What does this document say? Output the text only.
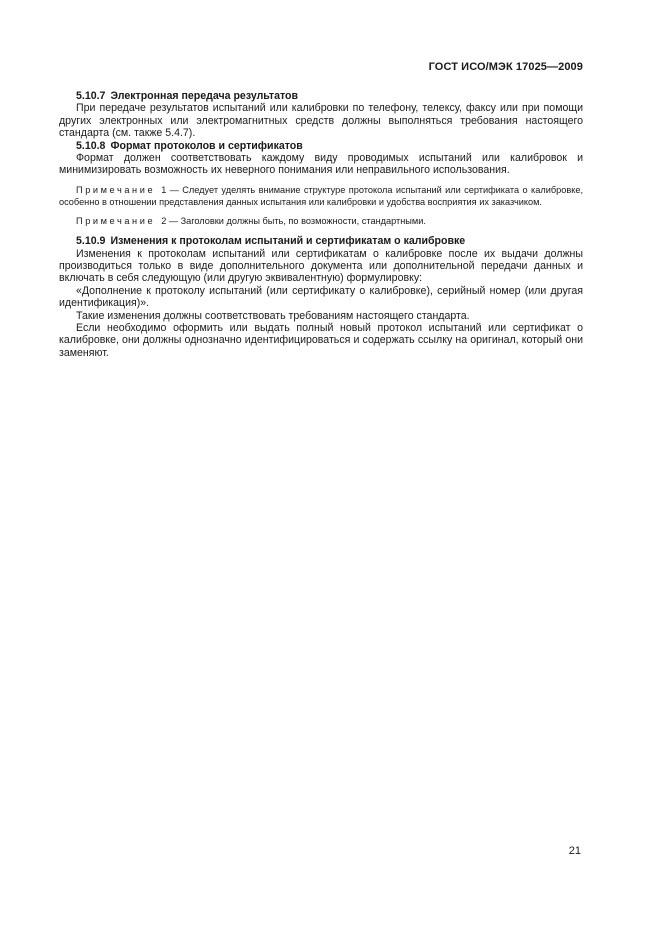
ГОСТ ИСО/МЭК 17025—2009

5.10.7 Электронная передача результатов

При передаче результатов испытаний или калибровки по телефону, телексу, факсу или при помощи других электронных или электромагнитных средств должны выполняться требования настоящего стандарта (см. также 5.4.7).

5.10.8 Формат протоколов и сертификатов

Формат должен соответствовать каждому виду проводимых испытаний или калибровок и минимизировать возможность их неверного понимания или неправильного использования.

Примечание 1 — Следует уделять внимание структуре протокола испытаний или сертификата о калибровке, особенно в отношении представления данных испытания или калибровки и удобства восприятия их заказчиком.

Примечание 2 — Заголовки должны быть, по возможности, стандартными.

5.10.9 Изменения к протоколам испытаний и сертификатам о калибровке

Изменения к протоколам испытаний или сертификатам о калибровке после их выдачи должны производиться только в виде дополнительного документа или дополнительной передачи данных и включать в себя следующую (или другую эквивалентную) формулировку:

«Дополнение к протоколу испытаний (или сертификату о калибровке), серийный номер (или другая идентификация)».

Такие изменения должны соответствовать требованиям настоящего стандарта.

Если необходимо оформить или выдать полный новый протокол испытаний или сертификат о калибровке, они должны однозначно идентифицироваться и содержать ссылку на оригинал, который они заменяют.

21
